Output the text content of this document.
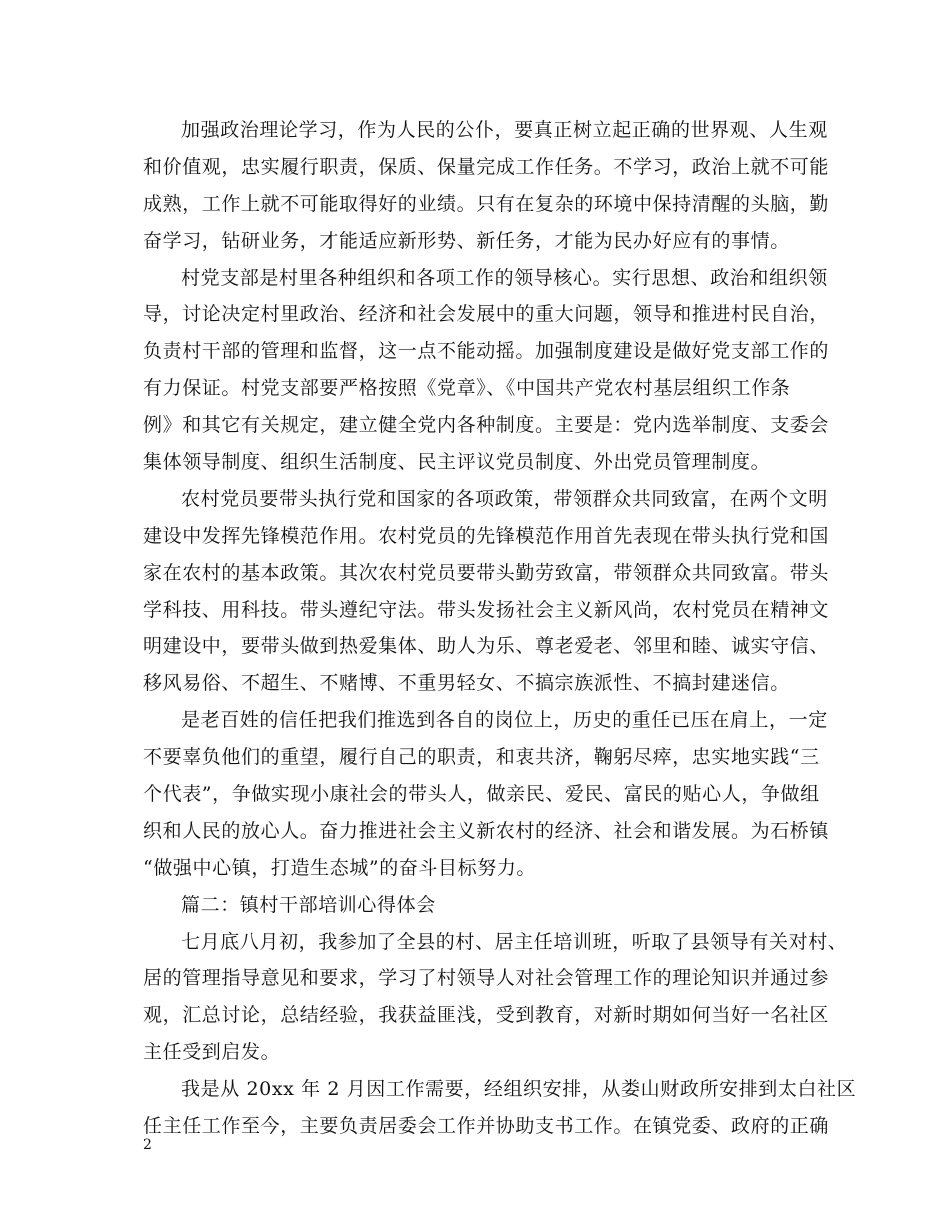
加强政治理论学习，作为人民的公仆，要真正树立起正确的世界观、人生观
和价值观，忠实履行职责，保质、保量完成工作任务。不学习，政治上就不可能
成熟，工作上就不可能取得好的业绩。只有在复杂的环境中保持清醒的头脑，勤
奋学习，钻研业务，才能适应新形势、新任务，才能为民办好应有的事情。
村党支部是村里各种组织和各项工作的领导核心。实行思想、政治和组织领
导，讨论决定村里政治、经济和社会发展中的重大问题，领导和推进村民自治，
负责村干部的管理和监督，这一点不能动摇。加强制度建设是做好党支部工作的
有力保证。村党支部要严格按照《党章》、《中国共产党农村基层组织工作条
例》和其它有关规定，建立健全党内各种制度。主要是：党内选举制度、支委会
集体领导制度、组织生活制度、民主评议党员制度、外出党员管理制度。
农村党员要带头执行党和国家的各项政策，带领群众共同致富，在两个文明
建设中发挥先锋模范作用。农村党员的先锋模范作用首先表现在带头执行党和国
家在农村的基本政策。其次农村党员要带头勤劳致富，带领群众共同致富。带头
学科技、用科技。带头遵纪守法。带头发扬社会主义新风尚，农村党员在精神文
明建设中，要带头做到热爱集体、助人为乐、尊老爱老、邻里和睦、诚实守信、
移风易俗、不超生、不赌博、不重男轻女、不搞宗族派性、不搞封建迷信。
是老百姓的信任把我们推选到各自的岗位上，历史的重任已压在肩上，一定
不要辜负他们的重望，履行自己的职责，和衷共济，鞠躬尽瘁，忠实地实践“三
个代表”，争做实现小康社会的带头人，做亲民、爱民、富民的贴心人，争做组
织和人民的放心人。奋力推进社会主义新农村的经济、社会和谐发展。为石桥镇
“做强中心镇，打造生态城”的奋斗目标努力。
篇二：镇村干部培训心得体会
七月底八月初，我参加了全县的村、居主任培训班，听取了县领导有关对村、
居的管理指导意见和要求，学习了村领导人对社会管理工作的理论知识并通过参
观，汇总讨论，总结经验，我获益匪浅，受到教育，对新时期如何当好一名社区
主任受到启发。
我是从 20xx 年 2 月因工作需要，经组织安排，从娄山财政所安排到太白社区
任主任工作至今，主要负责居委会工作并协助支书工作。在镇党委、政府的正确
2
